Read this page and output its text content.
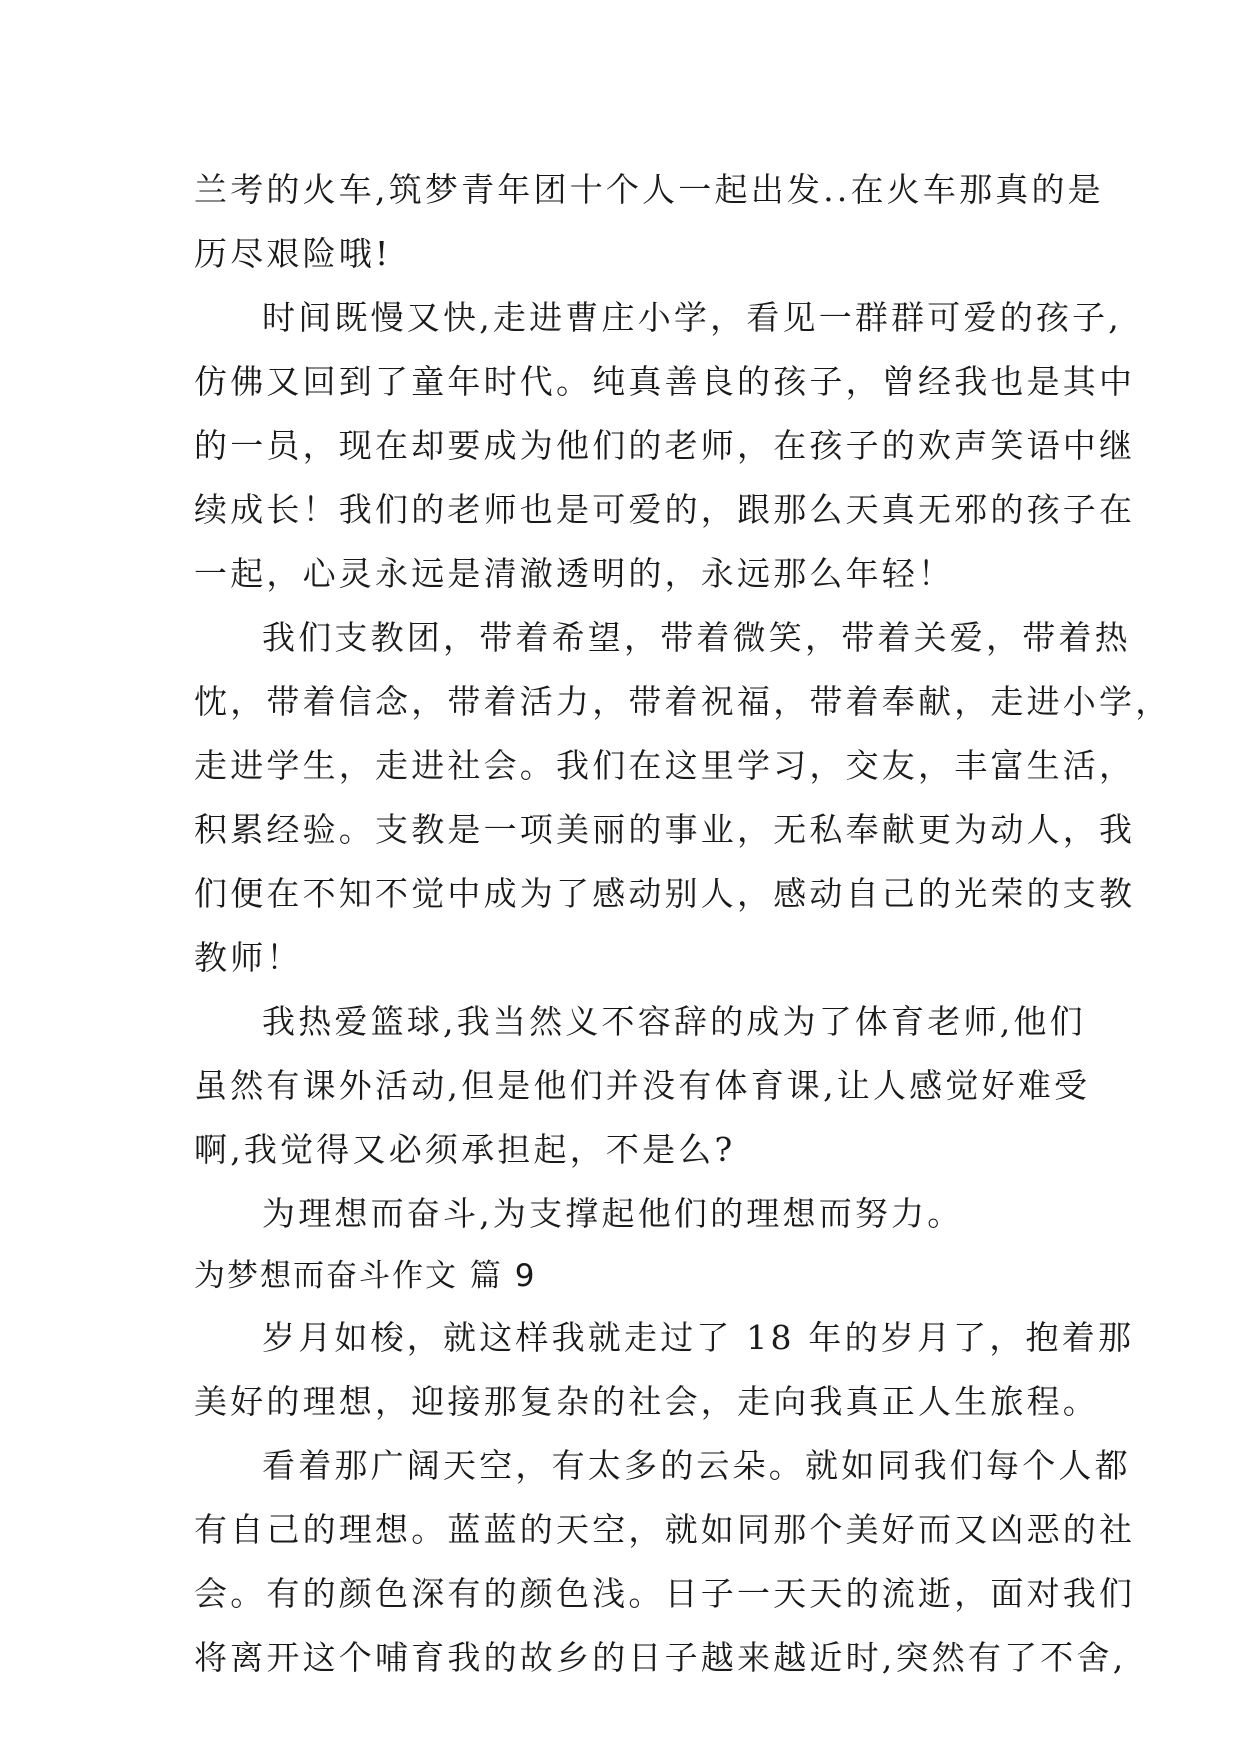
兰考的火车,筑梦青年团十个人一起出发..在火车那真的是
历尽艰险哦!
时间既慢又快,走进曹庄小学，看见一群群可爱的孩子,
仿佛又回到了童年时代。纯真善良的孩子，曾经我也是其中
的一员，现在却要成为他们的老师，在孩子的欢声笑语中继
续成长！我们的老师也是可爱的，跟那么天真无邪的孩子在
一起，心灵永远是清澈透明的，永远那么年轻！
我们支教团，带着希望，带着微笑，带着关爱，带着热
忱，带着信念，带着活力，带着祝福，带着奉献，走进小学，
走进学生，走进社会。我们在这里学习，交友，丰富生活，
积累经验。支教是一项美丽的事业，无私奉献更为动人，我
们便在不知不觉中成为了感动别人，感动自己的光荣的支教
教师！
我热爱篮球,我当然义不容辞的成为了体育老师,他们
虽然有课外活动,但是他们并没有体育课,让人感觉好难受
啊,我觉得又必须承担起，不是么?
为理想而奋斗,为支撑起他们的理想而努力。
为梦想而奋斗作文 篇 9
岁月如梭，就这样我就走过了 18 年的岁月了，抱着那
美好的理想，迎接那复杂的社会，走向我真正人生旅程。
看着那广阔天空，有太多的云朵。就如同我们每个人都
有自己的理想。蓝蓝的天空，就如同那个美好而又凶恶的社
会。有的颜色深有的颜色浅。日子一天天的流逝，面对我们
将离开这个哺育我的故乡的日子越来越近时,突然有了不舍,
